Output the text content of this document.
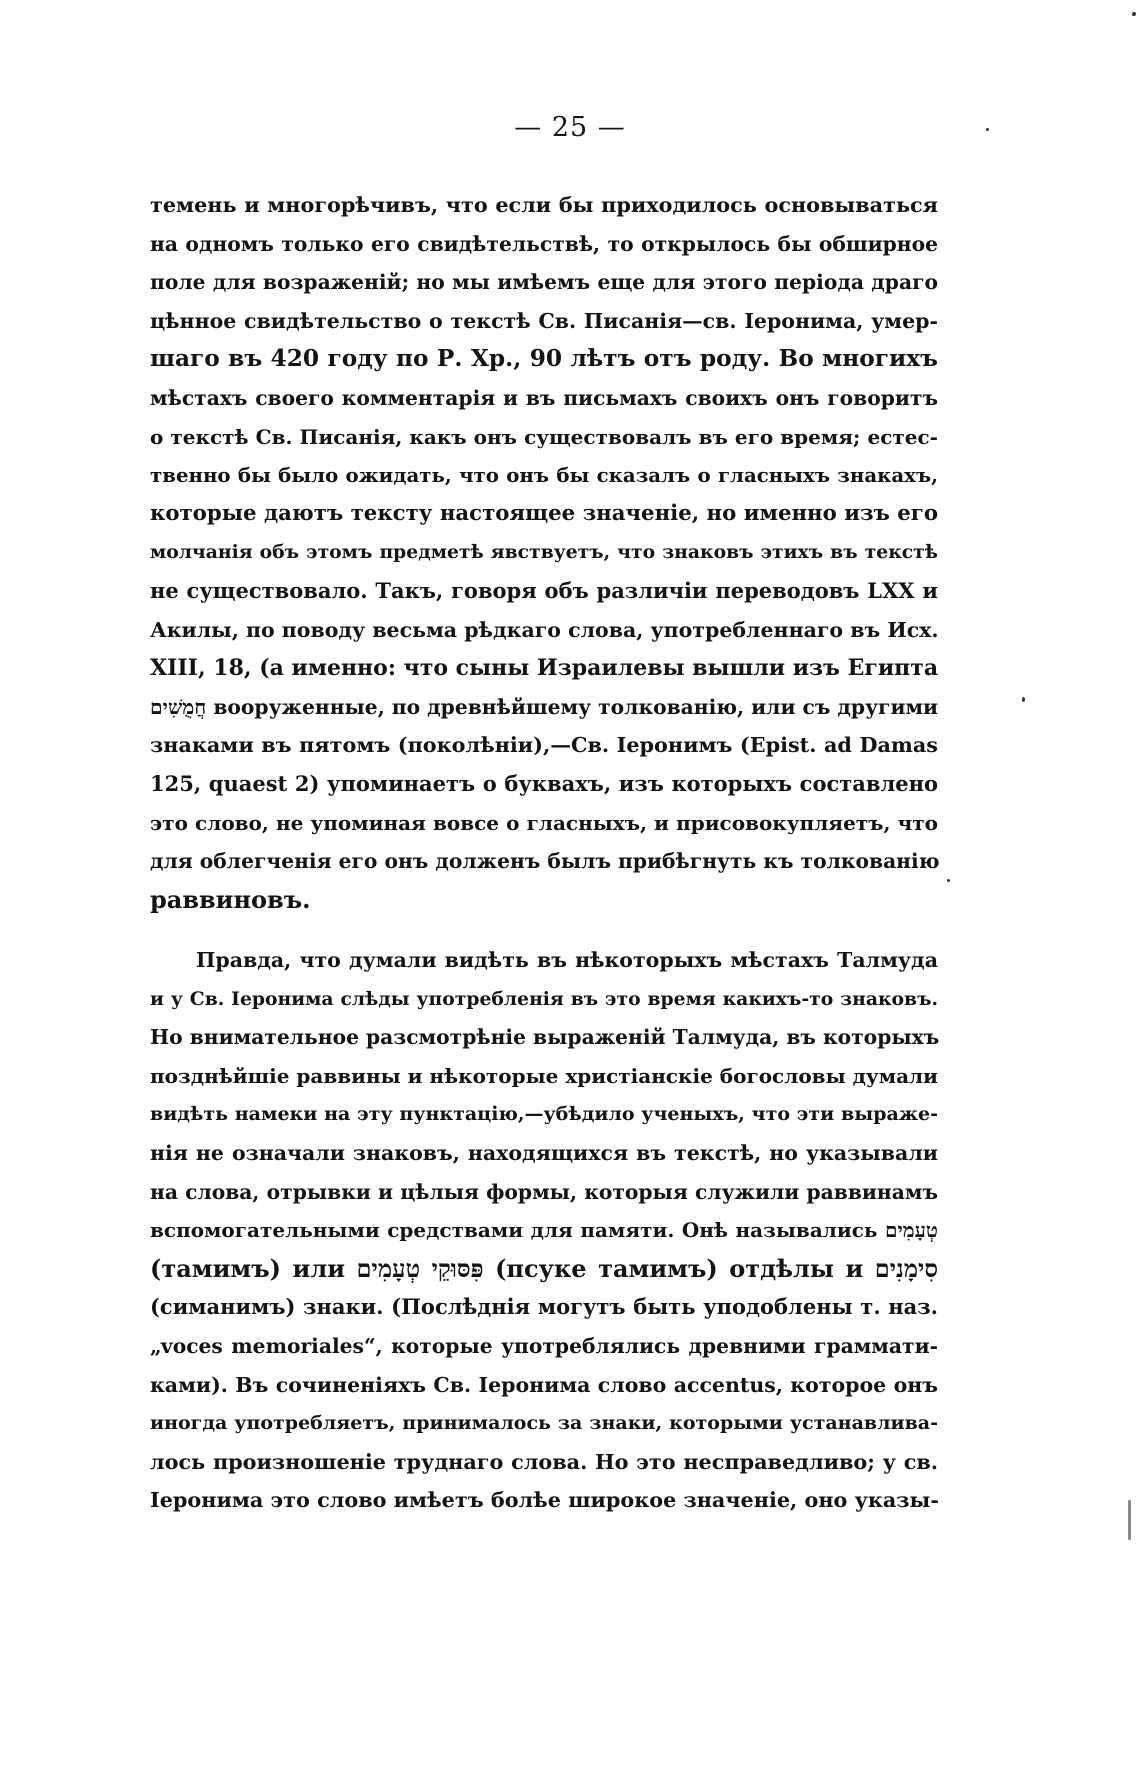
— 25 —
темень и многорѣчивъ, что если бы приходилось основываться
на одномъ только его свидѣтельствѣ, то открылось бы обширное
поле для возраженій; но мы имѣемъ еще для этого періода драго
цѣнное свидѣтельство о текстѣ Св. Писанія—св. Іеронима, умер-
шаго въ 420 году по Р. Хр., 90 лѣтъ отъ роду. Во многихъ
мѣстахъ своего комментарія и въ письмахъ своихъ онъ говоритъ
о текстѣ Св. Писанія, какъ онъ существовалъ въ его время; естес-
твенно бы было ожидать, что онъ бы сказалъ о гласныхъ знакахъ,
которые даютъ тексту настоящее значеніе, но именно изъ его
молчанія объ этомъ предметѣ явствуетъ, что знаковъ этихъ въ текстѣ
не существовало. Такъ, говоря объ различіи переводовъ LXX и
Акилы, по поводу весьма рѣдкаго слова, употребленнаго въ Исх.
XIII, 18, (а именно: что сыны Израилевы вышли изъ Египта
חֲמֻשִׁים вооруженные, по древнѣйшему толкованію, или съ другими
знаками въ пятомъ (поколѣніи),—Св. Іеронимъ (Epist. ad Damas
125, quaest 2) упоминаетъ о буквахъ, изъ которыхъ составлено
это слово, не упоминая вовсе о гласныхъ, и присовокупляетъ, что
для облегченія его онъ долженъ былъ прибѣгнуть къ толкованію
раввиновъ.
Правда, что думали видѣть въ нѣкоторыхъ мѣстахъ Талмуда
и у Св. Іеронима слѣды употребленія въ это время какихъ-то знаковъ.
Но внимательное разсмотрѣніе выраженій Талмуда, въ которыхъ
позднѣйшіе раввины и нѣкоторые христіанскіе богословы думали
видѣть намеки на эту пунктацію,—убѣдило ученыхъ, что эти выраже-
нія не означали знаковъ, находящихся въ текстѣ, но указывали
на слова, отрывки и цѣлыя формы, которыя служили раввинамъ
вспомогательными средствами для памяти. Онѣ назывались טְעָמִים
(тамимъ) или פִּסּוּקֵי טְעָמִים (псуке тамимъ) отдѣлы и סִימָנִים
(симанимъ) знаки. (Послѣднія могутъ быть уподоблены т. наз.
„voces memoriales“, которые употреблялись древними граммати-
ками). Въ сочиненіяхъ Св. Іеронима слово accentus, которое онъ
иногда употребляетъ, принималось за знаки, которыми устанавлива-
лось произношеніе труднаго слова. Но это несправедливо; у св.
Іеронима это слово имѣетъ болѣе широкое значеніе, оно указы-
